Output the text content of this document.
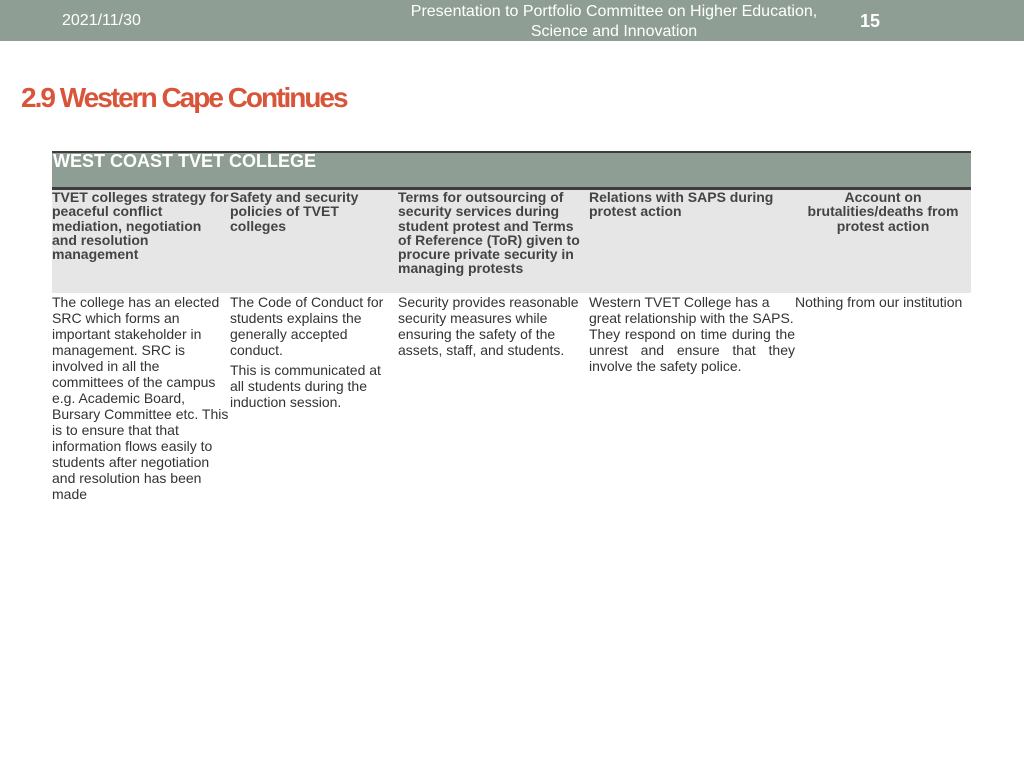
2021/11/30
Presentation to Portfolio Committee on Higher Education,
Science and Innovation
15
2.9 Western Cape Continues
WEST COAST TVET COLLEGE
TVET colleges strategy for peaceful conflict mediation, negotiation and resolution management
Safety and security policies of TVET colleges
Terms for outsourcing of security services during student protest and Terms of Reference (ToR) given to procure private security in managing protests
Relations with SAPS during protest action
Account on brutalities/deaths from protest action
The college has an elected SRC which forms an important stakeholder in management. SRC is involved in all the committees of the campus e.g. Academic Board, Bursary Committee etc. This is to ensure that that information flows easily to students after negotiation and resolution has been made

The Code of Conduct for students explains the generally accepted conduct.

This is communicated at all students during the induction session.

Security provides reasonable security measures while ensuring the safety of the assets, staff, and students.

Western TVET College has a great relationship with the SAPS.

They respond on time during the unrest and ensure that they involve the safety police.

Nothing from our institution
